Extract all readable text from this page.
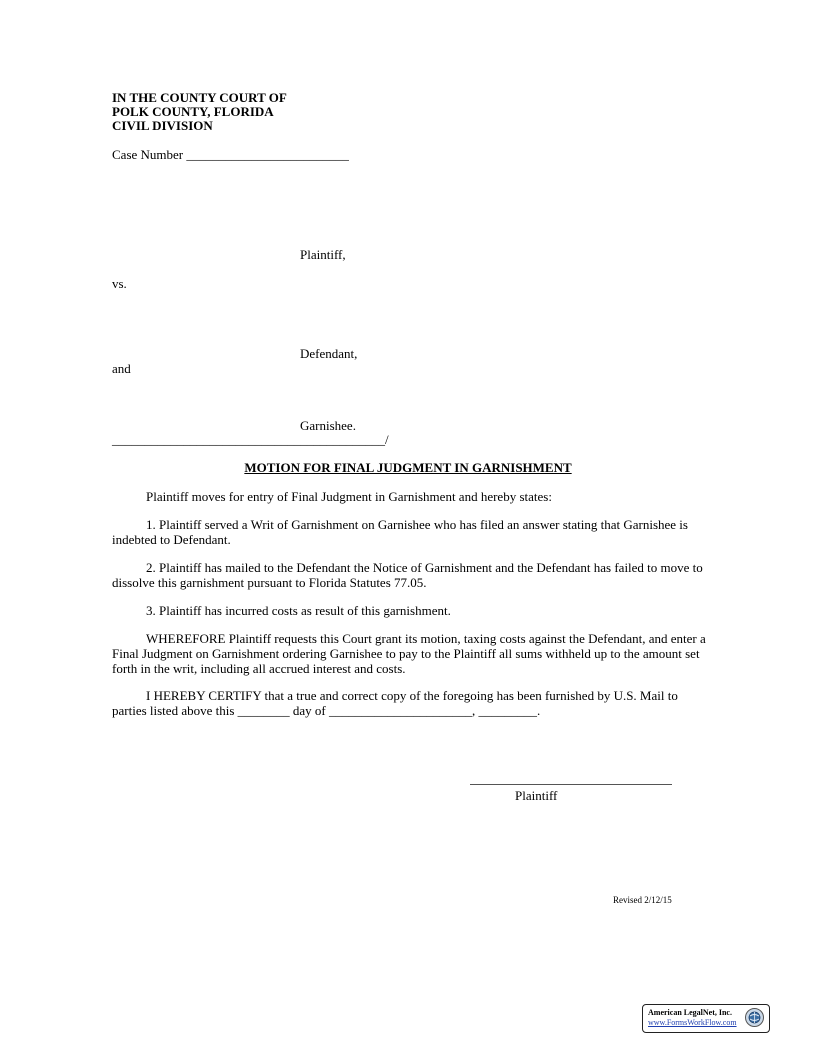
IN THE COUNTY COURT OF
POLK COUNTY, FLORIDA
CIVIL DIVISION
Case Number _________________________
Plaintiff,
vs.
Defendant,
and
Garnishee.
__________________________________________/
MOTION FOR FINAL JUDGMENT IN GARNISHMENT
Plaintiff moves for entry of Final Judgment in Garnishment and hereby states:
1. Plaintiff served a Writ of Garnishment on Garnishee who has filed an answer stating that Garnishee is indebted to Defendant.
2. Plaintiff has mailed to the Defendant the Notice of Garnishment and the Defendant has failed to move to dissolve this garnishment pursuant to Florida Statutes 77.05.
3. Plaintiff has incurred costs as result of this garnishment.
WHEREFORE Plaintiff requests this Court grant its motion, taxing costs against the Defendant, and enter a Final Judgment on Garnishment ordering Garnishee to pay to the Plaintiff all sums withheld up to the amount set forth in the writ, including all accrued interest and costs.
I HEREBY CERTIFY that a true and correct copy of the foregoing has been furnished by U.S. Mail to parties listed above this ________ day of ______________________, _________.
Plaintiff
Revised 2/12/15
American LegalNet, Inc.
www.FormsWorkFlow.com
